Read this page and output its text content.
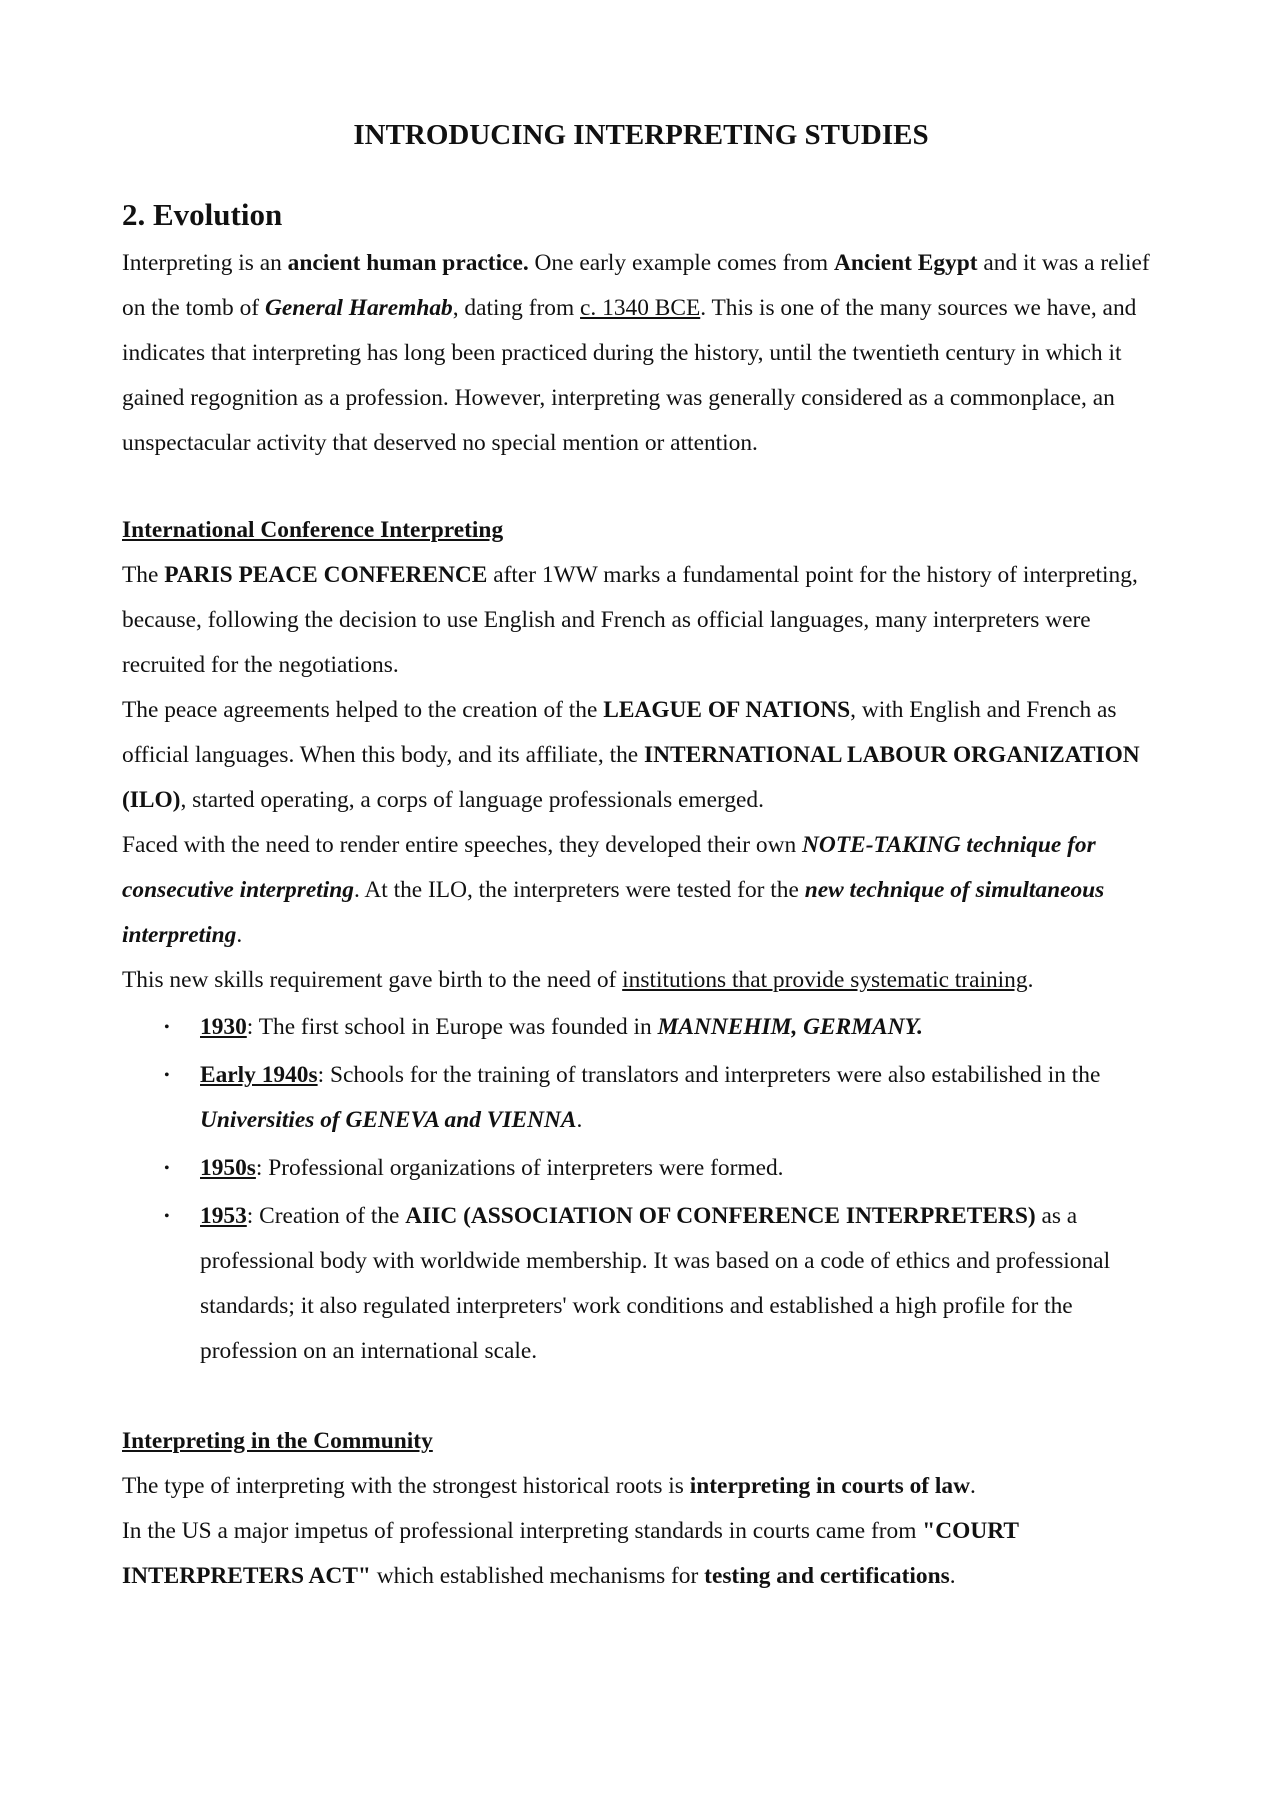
INTRODUCING INTERPRETING STUDIES
2. Evolution

Interpreting is an ancient human practice. One early example comes from Ancient Egypt and it was a relief on the tomb of General Haremhab, dating from c. 1340 BCE. This is one of the many sources we have, and indicates that interpreting has long been practiced during the history, until the twentieth century in which it gained regognition as a profession. However, interpreting was generally considered as a commonplace, an unspectacular activity that deserved no special mention or attention.

International Conference Interpreting

The PARIS PEACE CONFERENCE after 1WW marks a fundamental point for the history of interpreting, because, following the decision to use English and French as official languages, many interpreters were recruited for the negotiations.

The peace agreements helped to the creation of the LEAGUE OF NATIONS, with English and French as official languages. When this body, and its affiliate, the INTERNATIONAL LABOUR ORGANIZATION (ILO), started operating, a corps of language professionals emerged.

Faced with the need to render entire speeches, they developed their own NOTE-TAKING technique for consecutive interpreting. At the ILO, the interpreters were tested for the new technique of simultaneous interpreting.

This new skills requirement gave birth to the need of institutions that provide systematic training.

• 1930: The first school in Europe was founded in MANNEHIM, GERMANY.
• Early 1940s: Schools for the training of translators and interpreters were also estabilished in the Universities of GENEVA and VIENNA.
• 1950s: Professional organizations of interpreters were formed.
• 1953: Creation of the AIIC (ASSOCIATION OF CONFERENCE INTERPRETERS) as a professional body with worldwide membership. It was based on a code of ethics and professional standards; it also regulated interpreters' work conditions and established a high profile for the profession on an international scale.
Interpreting in the Community

The type of interpreting with the strongest historical roots is interpreting in courts of law.

In the US a major impetus of professional interpreting standards in courts came from "COURT INTERPRETERS ACT" which established mechanisms for testing and certifications.
